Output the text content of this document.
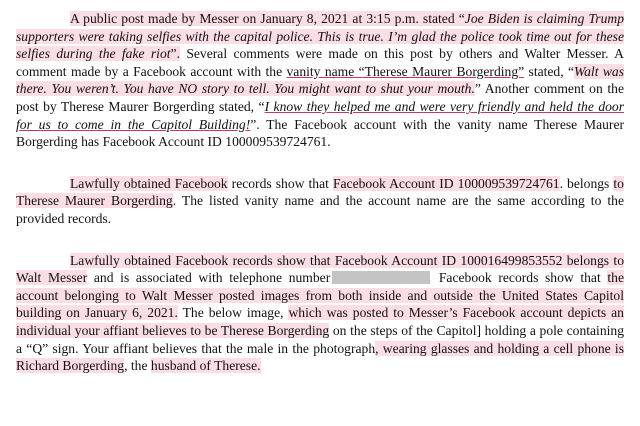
A public post made by Messer on January 8, 2021 at 3:15 p.m. stated “Joe Biden is claiming Trump supporters were taking selfies with the capital police. This is true. I’m glad the police took time out for these selfies during the fake riot”. Several comments were made on this post by others and Walter Messer. A comment made by a Facebook account with the vanity name “Therese Maurer Borgerding” stated, “Walt was there. You weren’t. You have NO story to tell. You might want to shut your mouth.” Another comment on the post by Therese Maurer Borgerding stated, “I know they helped me and were very friendly and held the door for us to come in the Capitol Building!”. The Facebook account with the vanity name Therese Maurer Borgerding has Facebook Account ID 100009539724761.

Lawfully obtained Facebook records show that Facebook Account ID 100009539724761. belongs to Therese Maurer Borgerding. The listed vanity name and the account name are the same according to the provided records.

Lawfully obtained Facebook records show that Facebook Account ID 100016499853552 belongs to Walt Messer and is associated with telephone number	Facebook records show that the account belonging to Walt Messer posted images from both inside and outside the United States Capitol building on January 6, 2021. The below image, which was posted to Messer’s Facebook account depicts an individual your affiant believes to be Therese Borgerding on the steps of the Capitol] holding a pole containing a “Q” sign. Your affiant believes that the male in the photograph, wearing glasses and holding a cell phone is Richard Borgerding, the husband of Therese.
